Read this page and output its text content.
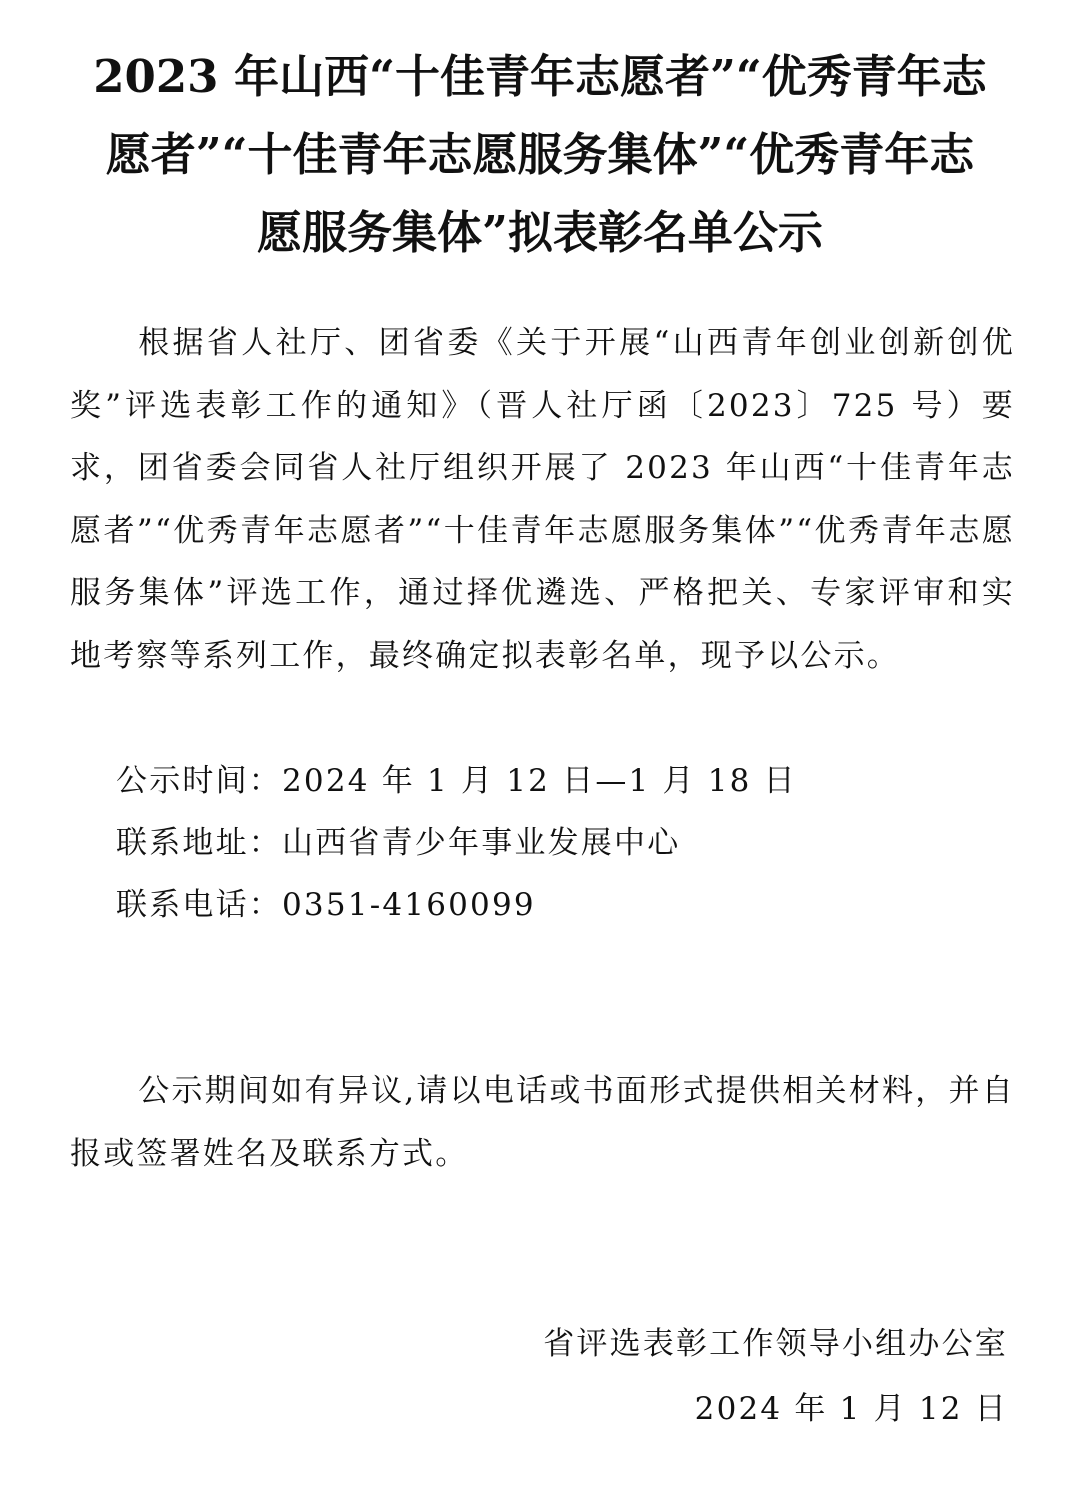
2023 年山西“十佳青年志愿者”“优秀青年志
愿者”“十佳青年志愿服务集体”“优秀青年志
愿服务集体”拟表彰名单公示

根据省人社厅、团省委《关于开展“山西青年创业创新创优奖”评选表彰工作的通知》（晋人社厅函〔2023〕725 号）要求，团省委会同省人社厅组织开展了 2023 年山西“十佳青年志愿者”“优秀青年志愿者”“十佳青年志愿服务集体”“优秀青年志愿服务集体”评选工作，通过择优遴选、严格把关、专家评审和实地考察等系列工作，最终确定拟表彰名单，现予以公示。

公示时间：2024 年 1 月 12 日—1 月 18 日
联系地址：山西省青少年事业发展中心
联系电话：0351-4160099

公示期间如有异议,请以电话或书面形式提供相关材料，并自报或签署姓名及联系方式。

省评选表彰工作领导小组办公室
2024 年 1 月 12 日
